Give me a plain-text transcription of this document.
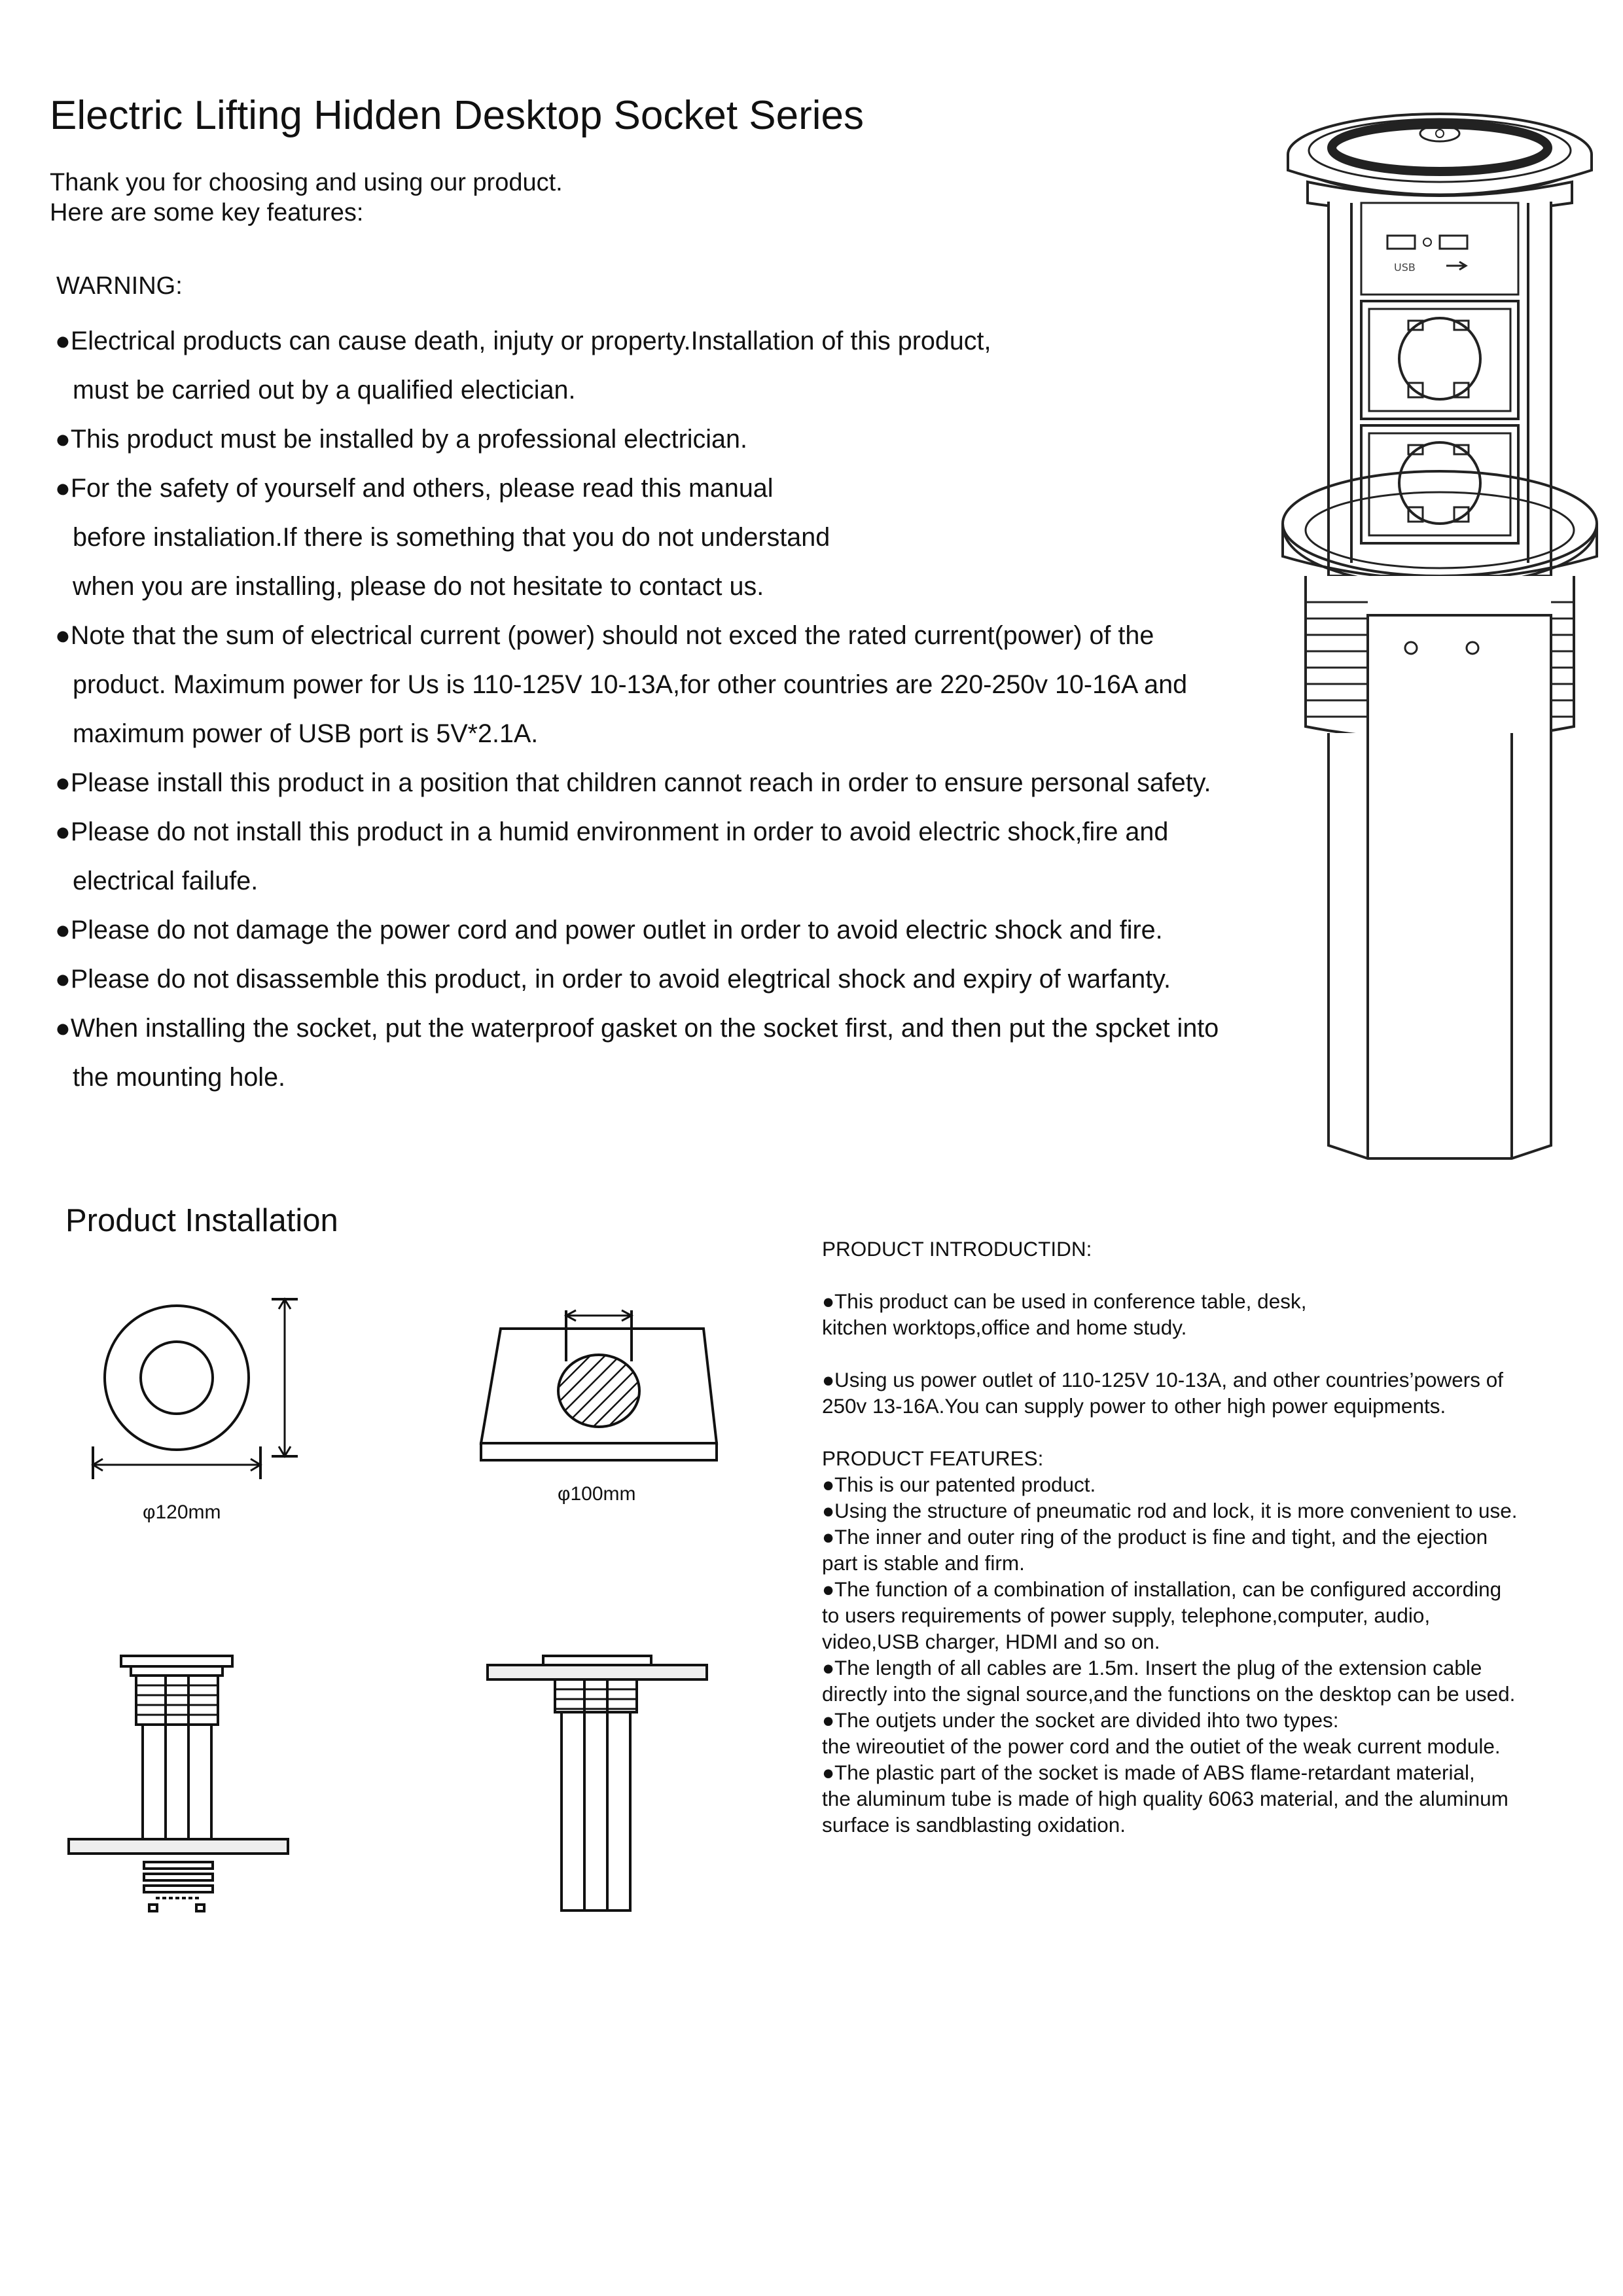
Electric Lifting Hidden Desktop Socket Series
Thank you for choosing and using our product.
Here are some key features:
WARNING:
●Electrical products can cause death, injuty or property.Installation of this product,
must be carried out by a qualified electician.
●This product must be installed by a professional electrician.
●For the safety of yourself and others, please read this manual
before instaliation.If there is something that you do not understand
when you are installing, please do not hesitate to contact us.
●Note that the sum of electrical current (power) should not exced the rated current(power) of the
product. Maximum power for Us is 110-125V 10-13A,for other countries are 220-250v 10-16A and
maximum power of USB port is 5V*2.1A.
●Please install this product in a position that children cannot reach in order to ensure personal safety.
●Please do not install this product in a humid environment in order to avoid electric shock,fire and
electrical failufe.
●Please do not damage the power cord and power outlet in order to avoid electric shock and fire.
●Please do not disassemble this product, in order to avoid elegtrical shock and expiry of warfanty.
●When installing the socket, put the waterproof gasket on the socket first, and then put the spcket into
the mounting hole.
USB
Product Installation
φ120mm
φ100mm
PRODUCT INTRODUCTIDN:
●This product can be used in conference table, desk,
kitchen worktops,office and home study.
●Using us power outlet of 110-125V 10-13A, and other countries’powers of
250v 13-16A.You can supply power to other high power equipments.
PRODUCT FEATURES:
●This is our patented product.
●Using the structure of pneumatic rod and lock, it is more convenient to use.
●The inner and outer ring of the product is fine and tight, and the ejection
part is stable and firm.
●The function of a combination of installation, can be configured according
to users requirements of power supply, telephone,computer, audio,
video,USB charger, HDMI and so on.
●The length of all cables are 1.5m. Insert the plug of the extension cable
directly into the signal source,and the functions on the desktop can be used.
●The outjets under the socket are divided ihto two types:
the wireoutiet of the power cord and the outiet of the weak current module.
●The plastic part of the socket is made of ABS flame-retardant material,
the aluminum tube is made of high quality 6063 material, and the aluminum
surface is sandblasting oxidation.
